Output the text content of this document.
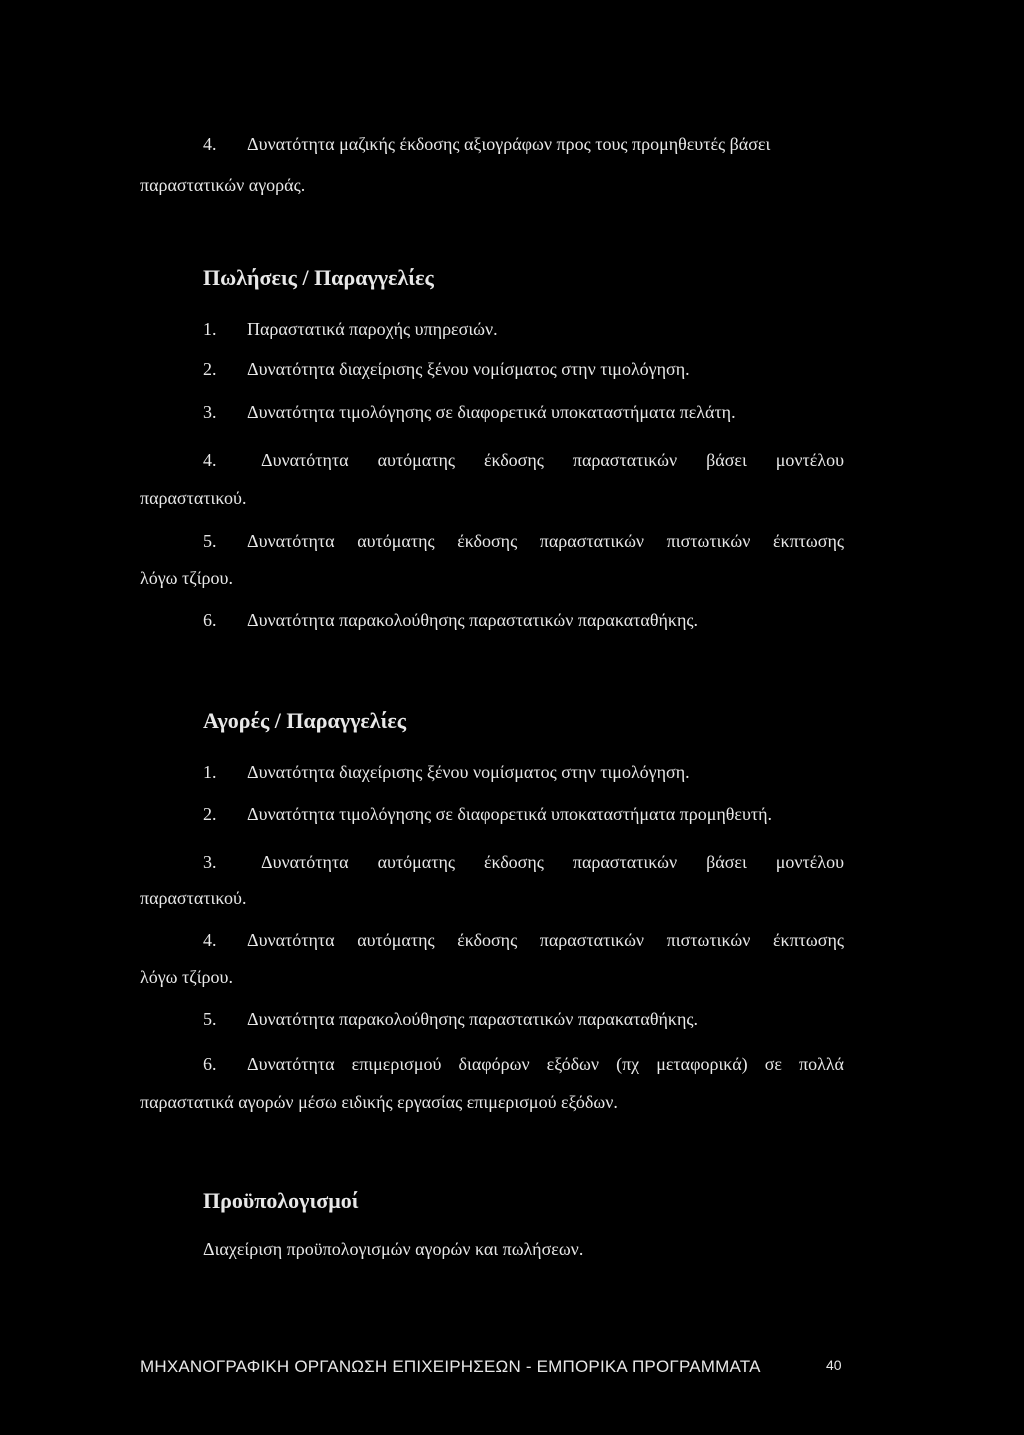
4. Δυνατότητα μαζικής έκδοσης αξιογράφων προς τους προμηθευτές βάσει
παραστατικών αγοράς.
Πωλήσεις / Παραγγελίες
1. Παραστατικά παροχής υπηρεσιών.
2. Δυνατότητα διαχείρισης ξένου νομίσματος στην τιμολόγηση.
3. Δυνατότητα τιμολόγησης σε διαφορετικά υποκαταστήματα πελάτη.
4. Δυνατότητα αυτόματης έκδοσης παραστατικών βάσει μοντέλου
παραστατικού.
5. Δυνατότητα αυτόματης έκδοσης παραστατικών πιστωτικών έκπτωσης
λόγω τζίρου.
6. Δυνατότητα παρακολούθησης παραστατικών παρακαταθήκης.
Αγορές / Παραγγελίες
1. Δυνατότητα διαχείρισης ξένου νομίσματος στην τιμολόγηση.
2. Δυνατότητα τιμολόγησης σε διαφορετικά υποκαταστήματα προμηθευτή.
3. Δυνατότητα αυτόματης έκδοσης παραστατικών βάσει μοντέλου
παραστατικού.
4. Δυνατότητα αυτόματης έκδοσης παραστατικών πιστωτικών έκπτωσης
λόγω τζίρου.
5. Δυνατότητα παρακολούθησης παραστατικών παρακαταθήκης.
6. Δυνατότητα επιμερισμού διαφόρων εξόδων (πχ μεταφορικά) σε πολλά
παραστατικά αγορών μέσω ειδικής εργασίας επιμερισμού εξόδων.
Προϋπολογισμοί
Διαχείριση προϋπολογισμών αγορών και πωλήσεων.
ΜΗΧΑΝΟΓΡΑΦΙΚΗ ΟΡΓΑΝΩΣΗ ΕΠΙΧΕΙΡΗΣΕΩΝ - ΕΜΠΟΡΙΚΑ ΠΡΟΓΡΑΜΜΑΤΑ	40
